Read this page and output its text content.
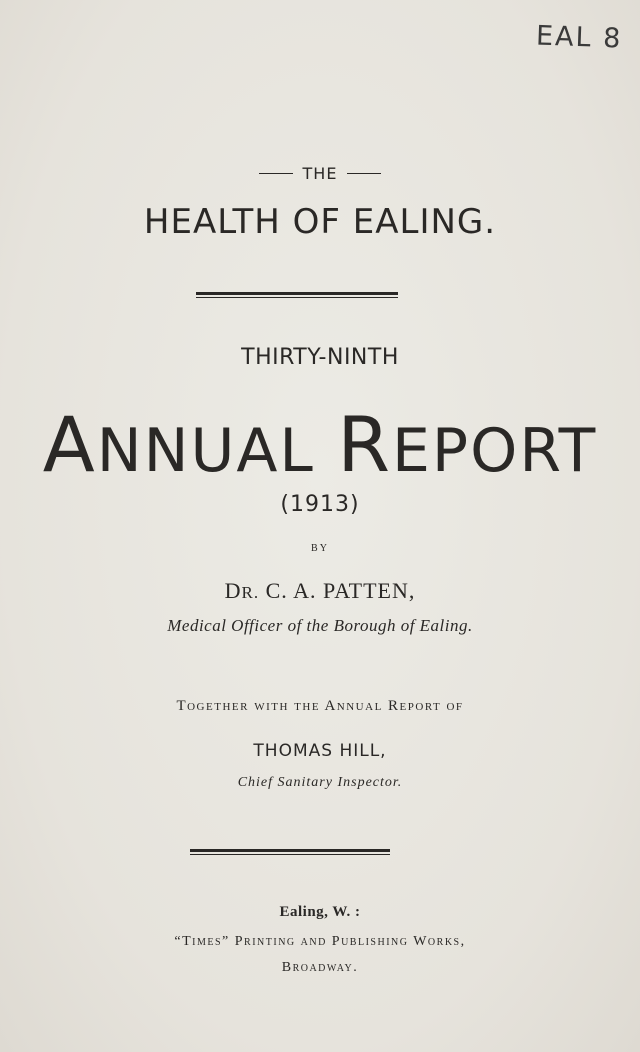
EAL 8
THE
HEALTH OF EALING.
THIRTY-NINTH
ANNUAL REPORT
(1913)
BY
DR. C. A. PATTEN,
Medical Officer of the Borough of Ealing.
Together with the Annual Report of
THOMAS HILL,
Chief Sanitary Inspector.
Ealing, W. :
“Times” Printing and Publishing Works,
Broadway.
